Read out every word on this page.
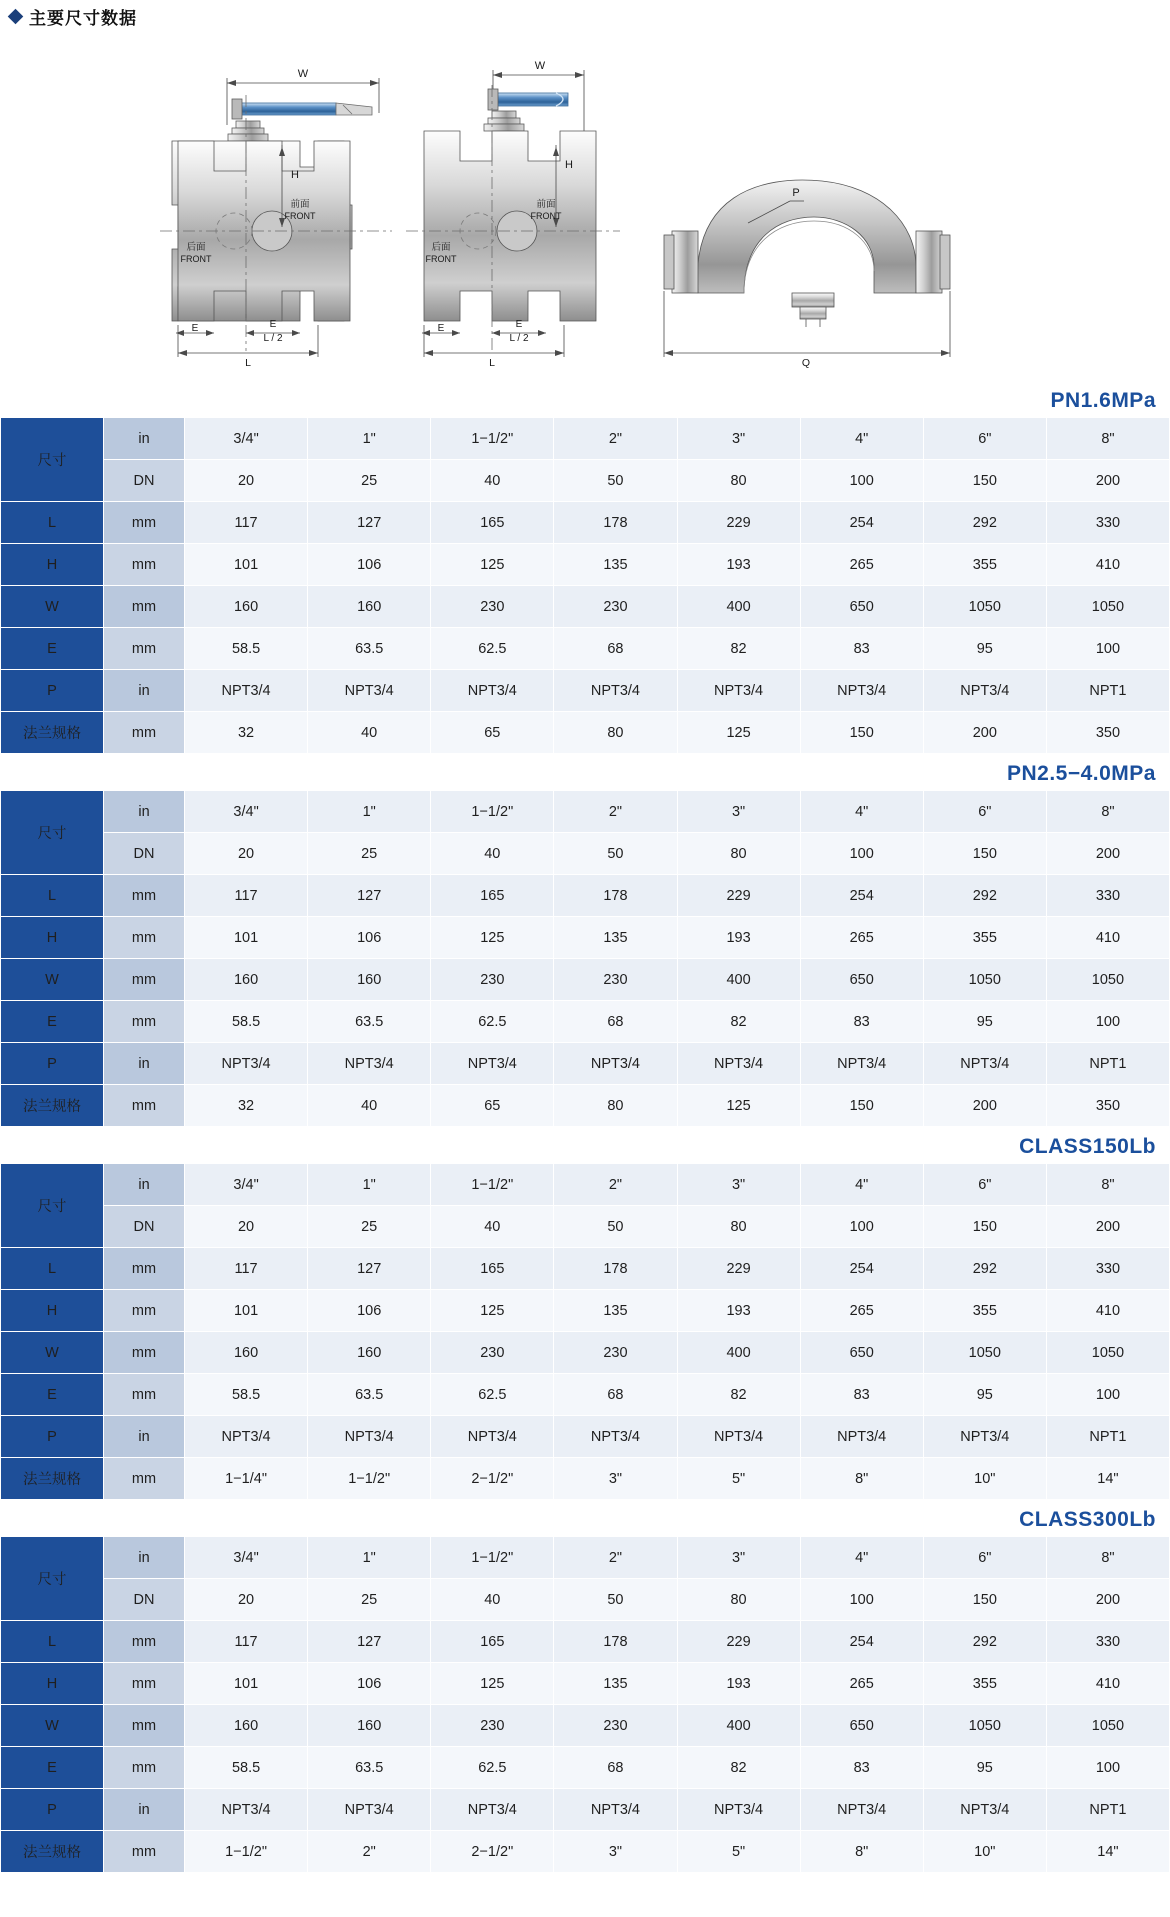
主要尺寸数据
W
H
前面
FRONT
后面
FRONT
E	E
L / 2
L
W
H
前面
FRONT
后面
FRONT
E	E
L / 2
L
P
Q
PN1.6MPa
尺寸	in	3/4"	1"	1−1/2"	2"	3"	4"	6"	8"
	DN	20	25	40	50	80	100	150	200
L	mm	117	127	165	178	229	254	292	330
H	mm	101	106	125	135	193	265	355	410
W	mm	160	160	230	230	400	650	1050	1050
E	mm	58.5	63.5	62.5	68	82	83	95	100
P	in	NPT3/4	NPT3/4	NPT3/4	NPT3/4	NPT3/4	NPT3/4	NPT3/4	NPT1
法兰规格	mm	32	40	65	80	125	150	200	350
PN2.5−4.0MPa
尺寸	in	3/4"	1"	1−1/2"	2"	3"	4"	6"	8"
	DN	20	25	40	50	80	100	150	200
L	mm	117	127	165	178	229	254	292	330
H	mm	101	106	125	135	193	265	355	410
W	mm	160	160	230	230	400	650	1050	1050
E	mm	58.5	63.5	62.5	68	82	83	95	100
P	in	NPT3/4	NPT3/4	NPT3/4	NPT3/4	NPT3/4	NPT3/4	NPT3/4	NPT1
法兰规格	mm	32	40	65	80	125	150	200	350
CLASS150Lb
尺寸	in	3/4"	1"	1−1/2"	2"	3"	4"	6"	8"
	DN	20	25	40	50	80	100	150	200
L	mm	117	127	165	178	229	254	292	330
H	mm	101	106	125	135	193	265	355	410
W	mm	160	160	230	230	400	650	1050	1050
E	mm	58.5	63.5	62.5	68	82	83	95	100
P	in	NPT3/4	NPT3/4	NPT3/4	NPT3/4	NPT3/4	NPT3/4	NPT3/4	NPT1
法兰规格	mm	1−1/4"	1−1/2"	2−1/2"	3"	5"	8"	10"	14"
CLASS300Lb
尺寸	in	3/4"	1"	1−1/2"	2"	3"	4"	6"	8"
	DN	20	25	40	50	80	100	150	200
L	mm	117	127	165	178	229	254	292	330
H	mm	101	106	125	135	193	265	355	410
W	mm	160	160	230	230	400	650	1050	1050
E	mm	58.5	63.5	62.5	68	82	83	95	100
P	in	NPT3/4	NPT3/4	NPT3/4	NPT3/4	NPT3/4	NPT3/4	NPT3/4	NPT1
法兰规格	mm	1−1/2"	2"	2−1/2"	3"	5"	8"	10"	14"
